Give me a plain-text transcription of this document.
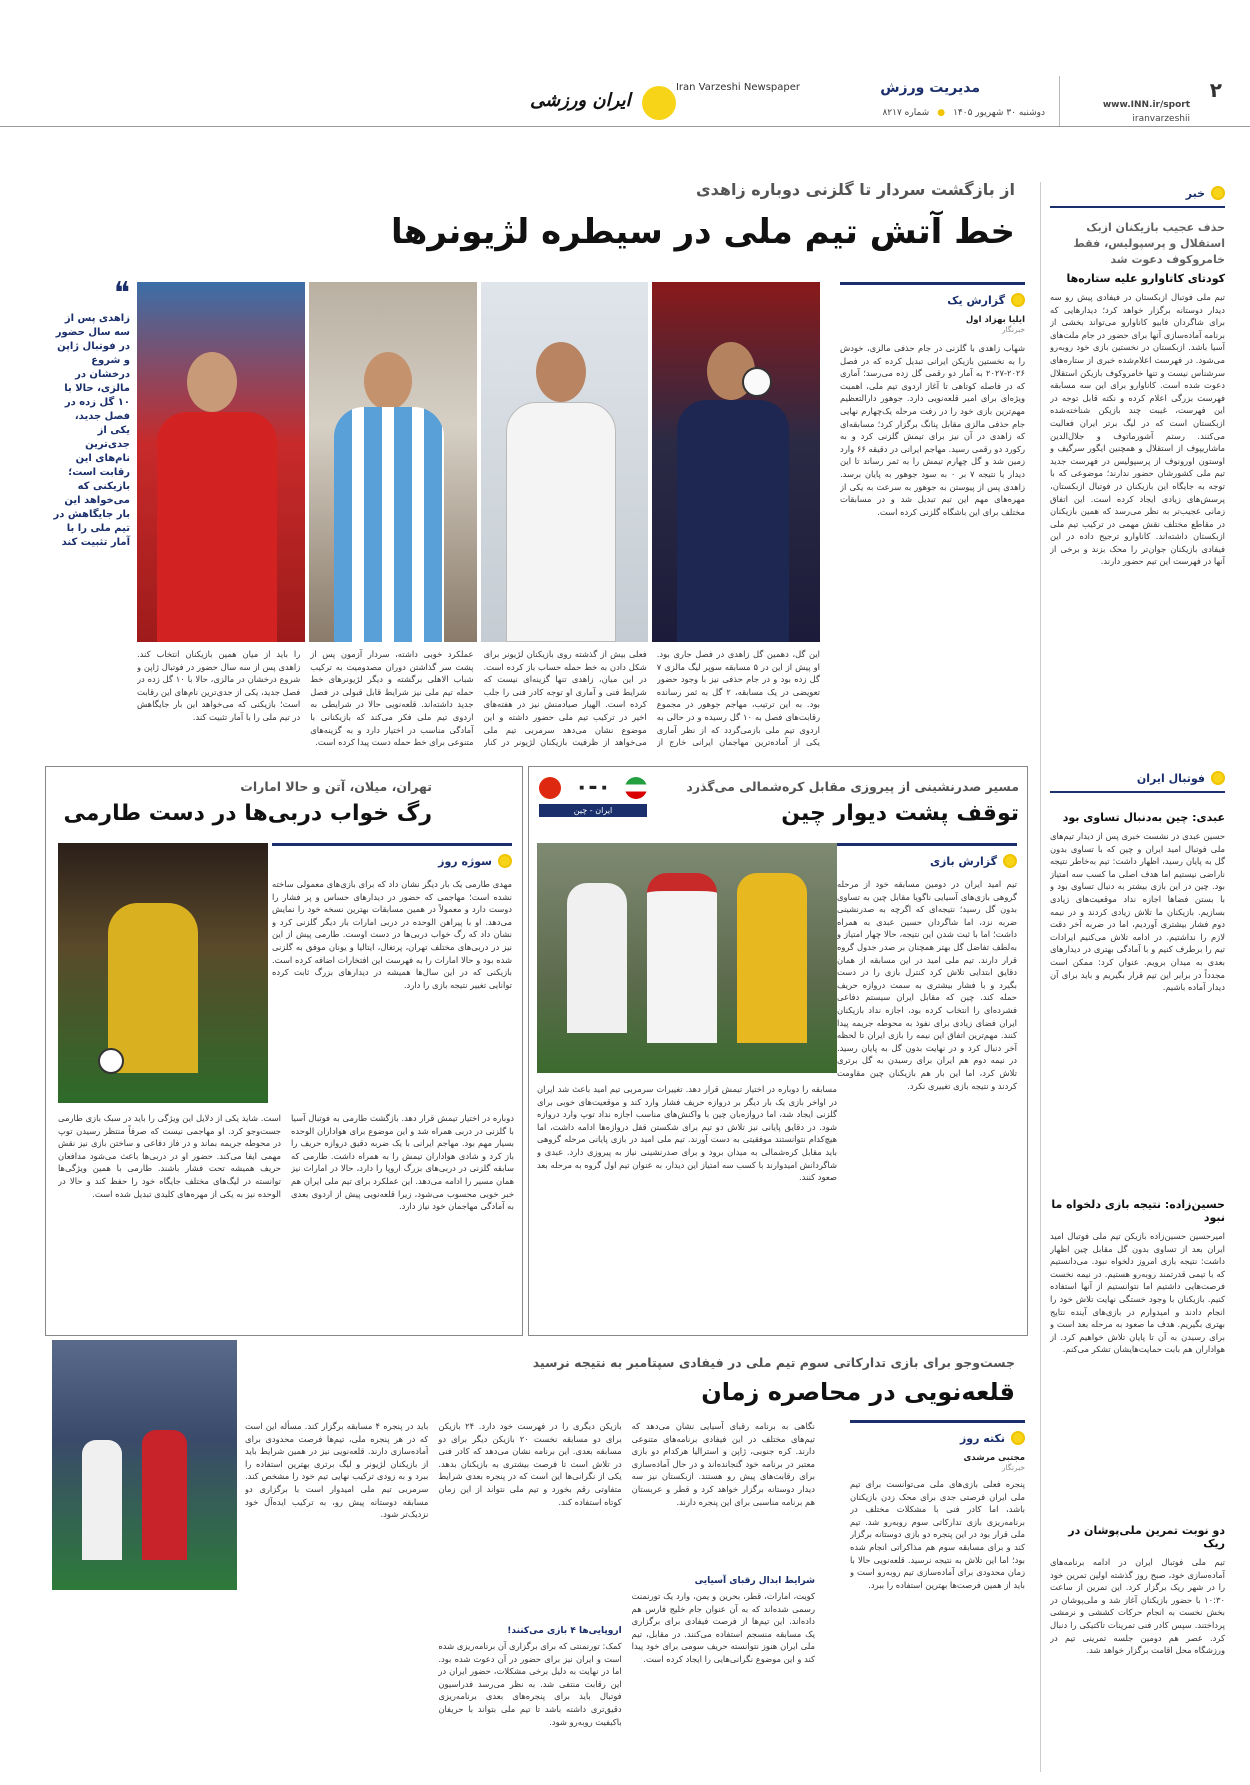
۲
www.INN.ir/sport
iranvarzeshii
مدیریت ورزش
دوشنبه ۳۰ شهریور ۱۴۰۵
●
شماره ۸۲۱۷
Iran Varzeshi Newspaper
ایران ورزشی
خبر
حذف عجیب بازیکنان ازبک استقلال و پرسپولیس، فقط خامروکوف دعوت شد
کودتای کاتاوارو علیه ستاره‌ها
تیم ملی فوتبال ازبکستان در فیفادی پیش رو سه دیدار دوستانه برگزار خواهد کرد؛ دیدارهایی که برای شاگردان فابیو کاناوارو می‌تواند بخشی از برنامه آماده‌سازی آنها برای حضور در جام ملت‌های آسیا باشد. ازبکستان در نخستین بازی خود روبه‌رو می‌شود. در فهرست اعلام‌شده خبری از ستاره‌های سرشناس نیست و تنها خامروکوف بازیکن استقلال دعوت شده است. کاناوارو برای این سه مسابقه فهرست بزرگی اعلام کرده و نکته قابل توجه در این فهرست، غیبت چند بازیکن شناخته‌شده ازبکستان است که در لیگ برتر ایران فعالیت می‌کنند. رستم آشورماتوف و جلال‌الدین ماشاریپوف از استقلال و همچنین ایگور سرگیف و اوستون اورونوف از پرسپولیس در فهرست جدید تیم ملی کشورشان حضور ندارند؛ موضوعی که با توجه به جایگاه این بازیکنان در فوتبال ازبکستان، پرسش‌های زیادی ایجاد کرده است. این اتفاق زمانی عجیب‌تر به نظر می‌رسد که همین بازیکنان در مقاطع مختلف نقش مهمی در ترکیب تیم ملی ازبکستان داشته‌اند. کاناوارو ترجیح داده در این فیفادی بازیکنان جوان‌تر را محک بزند و برخی از آنها در فهرست این تیم حضور دارند.
فوتبال ایران
عبدی: چین به‌دنبال تساوی بود
حسین عبدی در نشست خبری پس از دیدار تیم‌های ملی فوتبال امید ایران و چین که با تساوی بدون گل به پایان رسید، اظهار داشت: تیم به‌خاطر نتیجه ناراضی نیستیم اما هدف اصلی ما کسب سه امتیاز بود. چین در این بازی بیشتر به دنبال تساوی بود و با بستن فضاها اجازه نداد موقعیت‌های زیادی بسازیم. بازیکنان ما تلاش زیادی کردند و در نیمه دوم فشار بیشتری آوردیم، اما در ضربه آخر دقت لازم را نداشتیم. در ادامه تلاش می‌کنیم ایرادات تیم را برطرف کنیم و با آمادگی بهتری در دیدارهای بعدی به میدان برویم. عنوان کرد: ممکن است مجدداً در برابر این تیم قرار بگیریم و باید برای آن دیدار آماده باشیم.
حسین‌زاده: نتیجه بازی دلخواه ما نبود
امیرحسین حسین‌زاده بازیکن تیم ملی فوتبال امید ایران بعد از تساوی بدون گل مقابل چین اظهار داشت: نتیجه بازی امروز دلخواه نبود. می‌دانستیم که با تیمی قدرتمند روبه‌رو هستیم. در نیمه نخست فرصت‌هایی داشتیم اما نتوانستیم از آنها استفاده کنیم. بازیکنان با وجود خستگی نهایت تلاش خود را انجام دادند و امیدوارم در بازی‌های آینده نتایج بهتری بگیریم. هدف ما صعود به مرحله بعد است و برای رسیدن به آن تا پایان تلاش خواهیم کرد. از هواداران هم بابت حمایت‌هایشان تشکر می‌کنم.
دو نوبت تمرین ملی‌پوشان در ریک
تیم ملی فوتبال ایران در ادامه برنامه‌های آماده‌سازی خود، صبح روز گذشته اولین تمرین خود را در شهر ریک برگزار کرد. این تمرین از ساعت ۱۰:۳۰ با حضور بازیکنان آغاز شد و ملی‌پوشان در بخش نخست به انجام حرکات کششی و نرمشی پرداختند. سپس کادر فنی تمرینات تاکتیکی را دنبال کرد. عصر هم دومین جلسه تمرینی تیم در ورزشگاه محل اقامت برگزار خواهد شد.
از بازگشت سردار تا گلزنی دوباره زاهدی
خط آتش تیم ملی در سیطره لژیونرها
❝
زاهدی پس از سه سال حضور در فوتبال ژاپن و شروع درخشان در مالزی، حالا با ۱۰ گل زده در فصل جدید، یکی از جدی‌ترین نام‌های این رقابت است؛ بازیکنی که می‌خواهد این بار جایگاهش در تیم ملی را با آمار تثبیت کند
گزارش یک
ایلیا بهزاد اول
خبرنگار
شهاب زاهدی با گلزنی در جام حذفی مالزی، خودش را به نخستین بازیکن ایرانی تبدیل کرده که در فصل ۲۰۲۶-۲۰۲۷ به آمار دو رقمی گل زده می‌رسد؛ آماری که در فاصله کوتاهی تا آغاز اردوی تیم ملی، اهمیت ویژه‌ای برای امیر قلعه‌نویی دارد. جوهور دارالتعظیم مهم‌ترین بازی خود را در رفت مرحله یک‌چهارم نهایی جام حذفی مالزی مقابل پنانگ برگزار کرد؛ مسابقه‌ای که زاهدی در آن نیز برای تیمش گلزنی کرد و به رکورد دو رقمی رسید. مهاجم ایرانی در دقیقه ۶۶ وارد زمین شد و گل چهارم تیمش را به ثمر رساند تا این دیدار با نتیجه ۷ بر ۰ به سود جوهور به پایان برسد. زاهدی پس از پیوستن به جوهور به سرعت به یکی از مهره‌های مهم این تیم تبدیل شد و در مسابقات مختلف برای این باشگاه گلزنی کرده است.
این گل، دهمین گل زاهدی در فصل جاری بود. او پیش از این در ۵ مسابقه سوپر لیگ مالزی ۷ گل زده بود و در جام حذفی نیز با وجود حضور تعویضی در یک مسابقه، ۲ گل به ثمر رسانده بود. به این ترتیب، مهاجم جوهور در مجموع رقابت‌های فصل به ۱۰ گل رسیده و در حالی به اردوی تیم ملی بازمی‌گردد که از نظر آماری یکی از آماده‌ترین مهاجمان ایرانی خارج از
فعلی بیش از گذشته روی بازیکنان لژیونر برای شکل دادن به خط حمله حساب باز کرده است. در این میان، زاهدی تنها گزینه‌ای نیست که شرایط فنی و آماری او توجه کادر فنی را جلب کرده است. الهیار صیادمنش نیز در هفته‌های اخیر در ترکیب تیم ملی حضور داشته و این موضوع نشان می‌دهد سرمربی تیم ملی می‌خواهد از ظرفیت بازیکنان لژیونر در کنار
عملکرد خوبی داشته، سردار آزمون پس از پشت سر گذاشتن دوران مصدومیت به ترکیب شباب الاهلی برگشته و دیگر لژیونرهای خط حمله تیم ملی نیز شرایط قابل قبولی در فصل جدید داشته‌اند. قلعه‌نویی حالا در شرایطی به اردوی تیم ملی فکر می‌کند که بازیکنانی با آمادگی مناسب در اختیار دارد و به گزینه‌های متنوعی برای خط حمله دست پیدا کرده است.
را باید از میان همین بازیکنان انتخاب کند. زاهدی پس از سه سال حضور در فوتبال ژاپن و شروع درخشان در مالزی، حالا با ۱۰ گل زده در فصل جدید، یکی از جدی‌ترین نام‌های این رقابت است؛ بازیکنی که می‌خواهد این بار جایگاهش در تیم ملی را با آمار تثبیت کند.
مسیر صدرنشینی از پیروزی مقابل کره‌شمالی می‌گذرد
توقف پشت دیوار چین
۰-۰
ایران - چین
گزارش بازی
تیم امید ایران در دومین مسابقه خود از مرحله گروهی بازی‌های آسیایی ناگویا مقابل چین به تساوی بدون گل رسید؛ نتیجه‌ای که اگرچه به صدرنشینی ضربه نزد، اما شاگردان حسین عبدی به همراه داشت؛ اما با ثبت شدن این نتیجه، حالا چهار امتیاز و به‌لطف تفاضل گل بهتر همچنان بر صدر جدول گروه قرار دارند. تیم ملی امید در این مسابقه از همان دقایق ابتدایی تلاش کرد کنترل بازی را در دست بگیرد و با فشار بیشتری به سمت دروازه حریف حمله کند. چین که مقابل ایران سیستم دفاعی فشرده‌ای را انتخاب کرده بود، اجازه نداد بازیکنان ایران فضای زیادی برای نفوذ به محوطه جریمه پیدا کنند. مهم‌ترین اتفاق این نیمه را بازی ایران تا لحظه آخر دنبال کرد و در نهایت بدون گل به پایان رسید. در نیمه دوم هم ایران برای رسیدن به گل برتری تلاش کرد، اما این بار هم بازیکنان چین مقاومت کردند و نتیجه بازی تغییری نکرد.
مسابقه را دوباره در اختیار تیمش قرار دهد. تغییرات سرمربی تیم امید باعث شد ایران در اواخر بازی یک بار دیگر بر دروازه حریف فشار وارد کند و موقعیت‌های خوبی برای گلزنی ایجاد شد، اما دروازه‌بان چین با واکنش‌های مناسب اجازه نداد توپ وارد دروازه شود. در دقایق پایانی نیز تلاش دو تیم برای شکستن قفل دروازه‌ها ادامه داشت، اما هیچ‌کدام نتوانستند موفقیتی به دست آورند. تیم ملی امید در بازی پایانی مرحله گروهی باید مقابل کره‌شمالی به میدان برود و برای صدرنشینی نیاز به پیروزی دارد. عبدی و شاگردانش امیدوارند با کسب سه امتیاز این دیدار، به عنوان تیم اول گروه به مرحله بعد صعود کنند.
تهران، میلان، آتن و حالا امارات
رگ خواب دربی‌ها در دست طارمی
سوژه روز
مهدی طارمی یک بار دیگر نشان داد که برای بازی‌های معمولی ساخته نشده است؛ مهاجمی که حضور در دیدارهای حساس و پر فشار را دوست دارد و معمولاً در همین مسابقات بهترین نسخه خود را نمایش می‌دهد. او با پیراهن الوحده در دربی امارات بار دیگر گلزنی کرد و نشان داد که رگ خواب دربی‌ها در دست اوست. طارمی پیش از این نیز در دربی‌های مختلف تهران، پرتغال، ایتالیا و یونان موفق به گلزنی شده بود و حالا امارات را به فهرست این افتخارات اضافه کرده است. بازیکنی که در این سال‌ها همیشه در دیدارهای بزرگ ثابت کرده توانایی تغییر نتیجه بازی را دارد.
دوباره در اختیار تیمش قرار دهد. بازگشت طارمی به فوتبال آسیا با گلزنی در دربی همراه شد و این موضوع برای هواداران الوحده بسیار مهم بود. مهاجم ایرانی با یک ضربه دقیق دروازه حریف را باز کرد و شادی هواداران تیمش را به همراه داشت. طارمی که سابقه گلزنی در دربی‌های بزرگ اروپا را دارد، حالا در امارات نیز همان مسیر را ادامه می‌دهد. این عملکرد برای تیم ملی ایران هم خبر خوبی محسوب می‌شود، زیرا قلعه‌نویی پیش از اردوی بعدی به آمادگی مهاجمان خود نیاز دارد.
است. شاید یکی از دلایل این ویژگی را باید در سبک بازی طارمی جست‌وجو کرد. او مهاجمی نیست که صرفاً منتظر رسیدن توپ در محوطه جریمه بماند و در فاز دفاعی و ساختن بازی نیز نقش مهمی ایفا می‌کند. حضور او در دربی‌ها باعث می‌شود مدافعان حریف همیشه تحت فشار باشند. طارمی با همین ویژگی‌ها توانسته در لیگ‌های مختلف جایگاه خود را حفظ کند و حالا در الوحده نیز به یکی از مهره‌های کلیدی تبدیل شده است.
جست‌وجو برای بازی تدارکاتی سوم تیم ملی در فیفادی سپتامبر به نتیجه نرسید
قلعه‌نویی در محاصره زمان
نکته روز
مجتبی مرشدی
خبرنگار
پنجره فعلی بازی‌های ملی می‌توانست برای تیم ملی ایران فرصتی جدی برای محک زدن بازیکنان باشد، اما کادر فنی با مشکلات مختلف در برنامه‌ریزی بازی تدارکاتی سوم روبه‌رو شد. تیم ملی قرار بود در این پنجره دو بازی دوستانه برگزار کند و برای مسابقه سوم هم مذاکراتی انجام شده بود؛ اما این تلاش به نتیجه نرسید. قلعه‌نویی حالا با زمان محدودی برای آماده‌سازی تیم روبه‌رو است و باید از همین فرصت‌ها بهترین استفاده را ببرد.
نگاهی به برنامه رقبای آسیایی نشان می‌دهد که تیم‌های مختلف در این فیفادی برنامه‌های متنوعی دارند. کره جنوبی، ژاپن و استرالیا هرکدام دو بازی معتبر در برنامه خود گنجانده‌اند و در حال آماده‌سازی برای رقابت‌های پیش رو هستند. ازبکستان نیز سه دیدار دوستانه برگزار خواهد کرد و قطر و عربستان هم برنامه مناسبی برای این پنجره دارند.
شرایط ابدال رقبای آسیایی
کویت، امارات، قطر، بحرین و یمن، وارد یک تورنمنت رسمی شده‌اند که به آن عنوان جام خلیج فارس هم داده‌اند. این تیم‌ها از فرصت فیفادی برای برگزاری یک مسابقه منسجم استفاده می‌کنند. در مقابل، تیم ملی ایران هنوز نتوانسته حریف سومی برای خود پیدا کند و این موضوع نگرانی‌هایی را ایجاد کرده است.
بازیکن دیگری را در فهرست خود دارد. ۲۴ بازیکن برای دو مسابقه نخست ۲۰ بازیکن دیگر برای دو مسابقه بعدی. این برنامه نشان می‌دهد که کادر فنی در تلاش است تا فرصت بیشتری به بازیکنان بدهد. یکی از نگرانی‌ها این است که در پنجره بعدی شرایط متفاوتی رقم بخورد و تیم ملی نتواند از این زمان کوتاه استفاده کند.
اروپایی‌ها ۴ بازی می‌کنند!
کمک: تورنمنتی که برای برگزاری آن برنامه‌ریزی شده است و ایران نیز برای حضور در آن دعوت شده بود. اما در نهایت به دلیل برخی مشکلات، حضور ایران در این رقابت منتفی شد. به نظر می‌رسد فدراسیون فوتبال باید برای پنجره‌های بعدی برنامه‌ریزی دقیق‌تری داشته باشد تا تیم ملی بتواند با حریفان باکیفیت روبه‌رو شود.
باید در پنجره ۴ مسابقه برگزار کند. مسأله این است که در هر پنجره ملی، تیم‌ها فرصت محدودی برای آماده‌سازی دارند. قلعه‌نویی نیز در همین شرایط باید از بازیکنان لژیونر و لیگ برتری بهترین استفاده را ببرد و به زودی ترکیب نهایی تیم خود را مشخص کند. سرمربی تیم ملی امیدوار است با برگزاری دو مسابقه دوستانه پیش رو، به ترکیب ایده‌آل خود نزدیک‌تر شود.
